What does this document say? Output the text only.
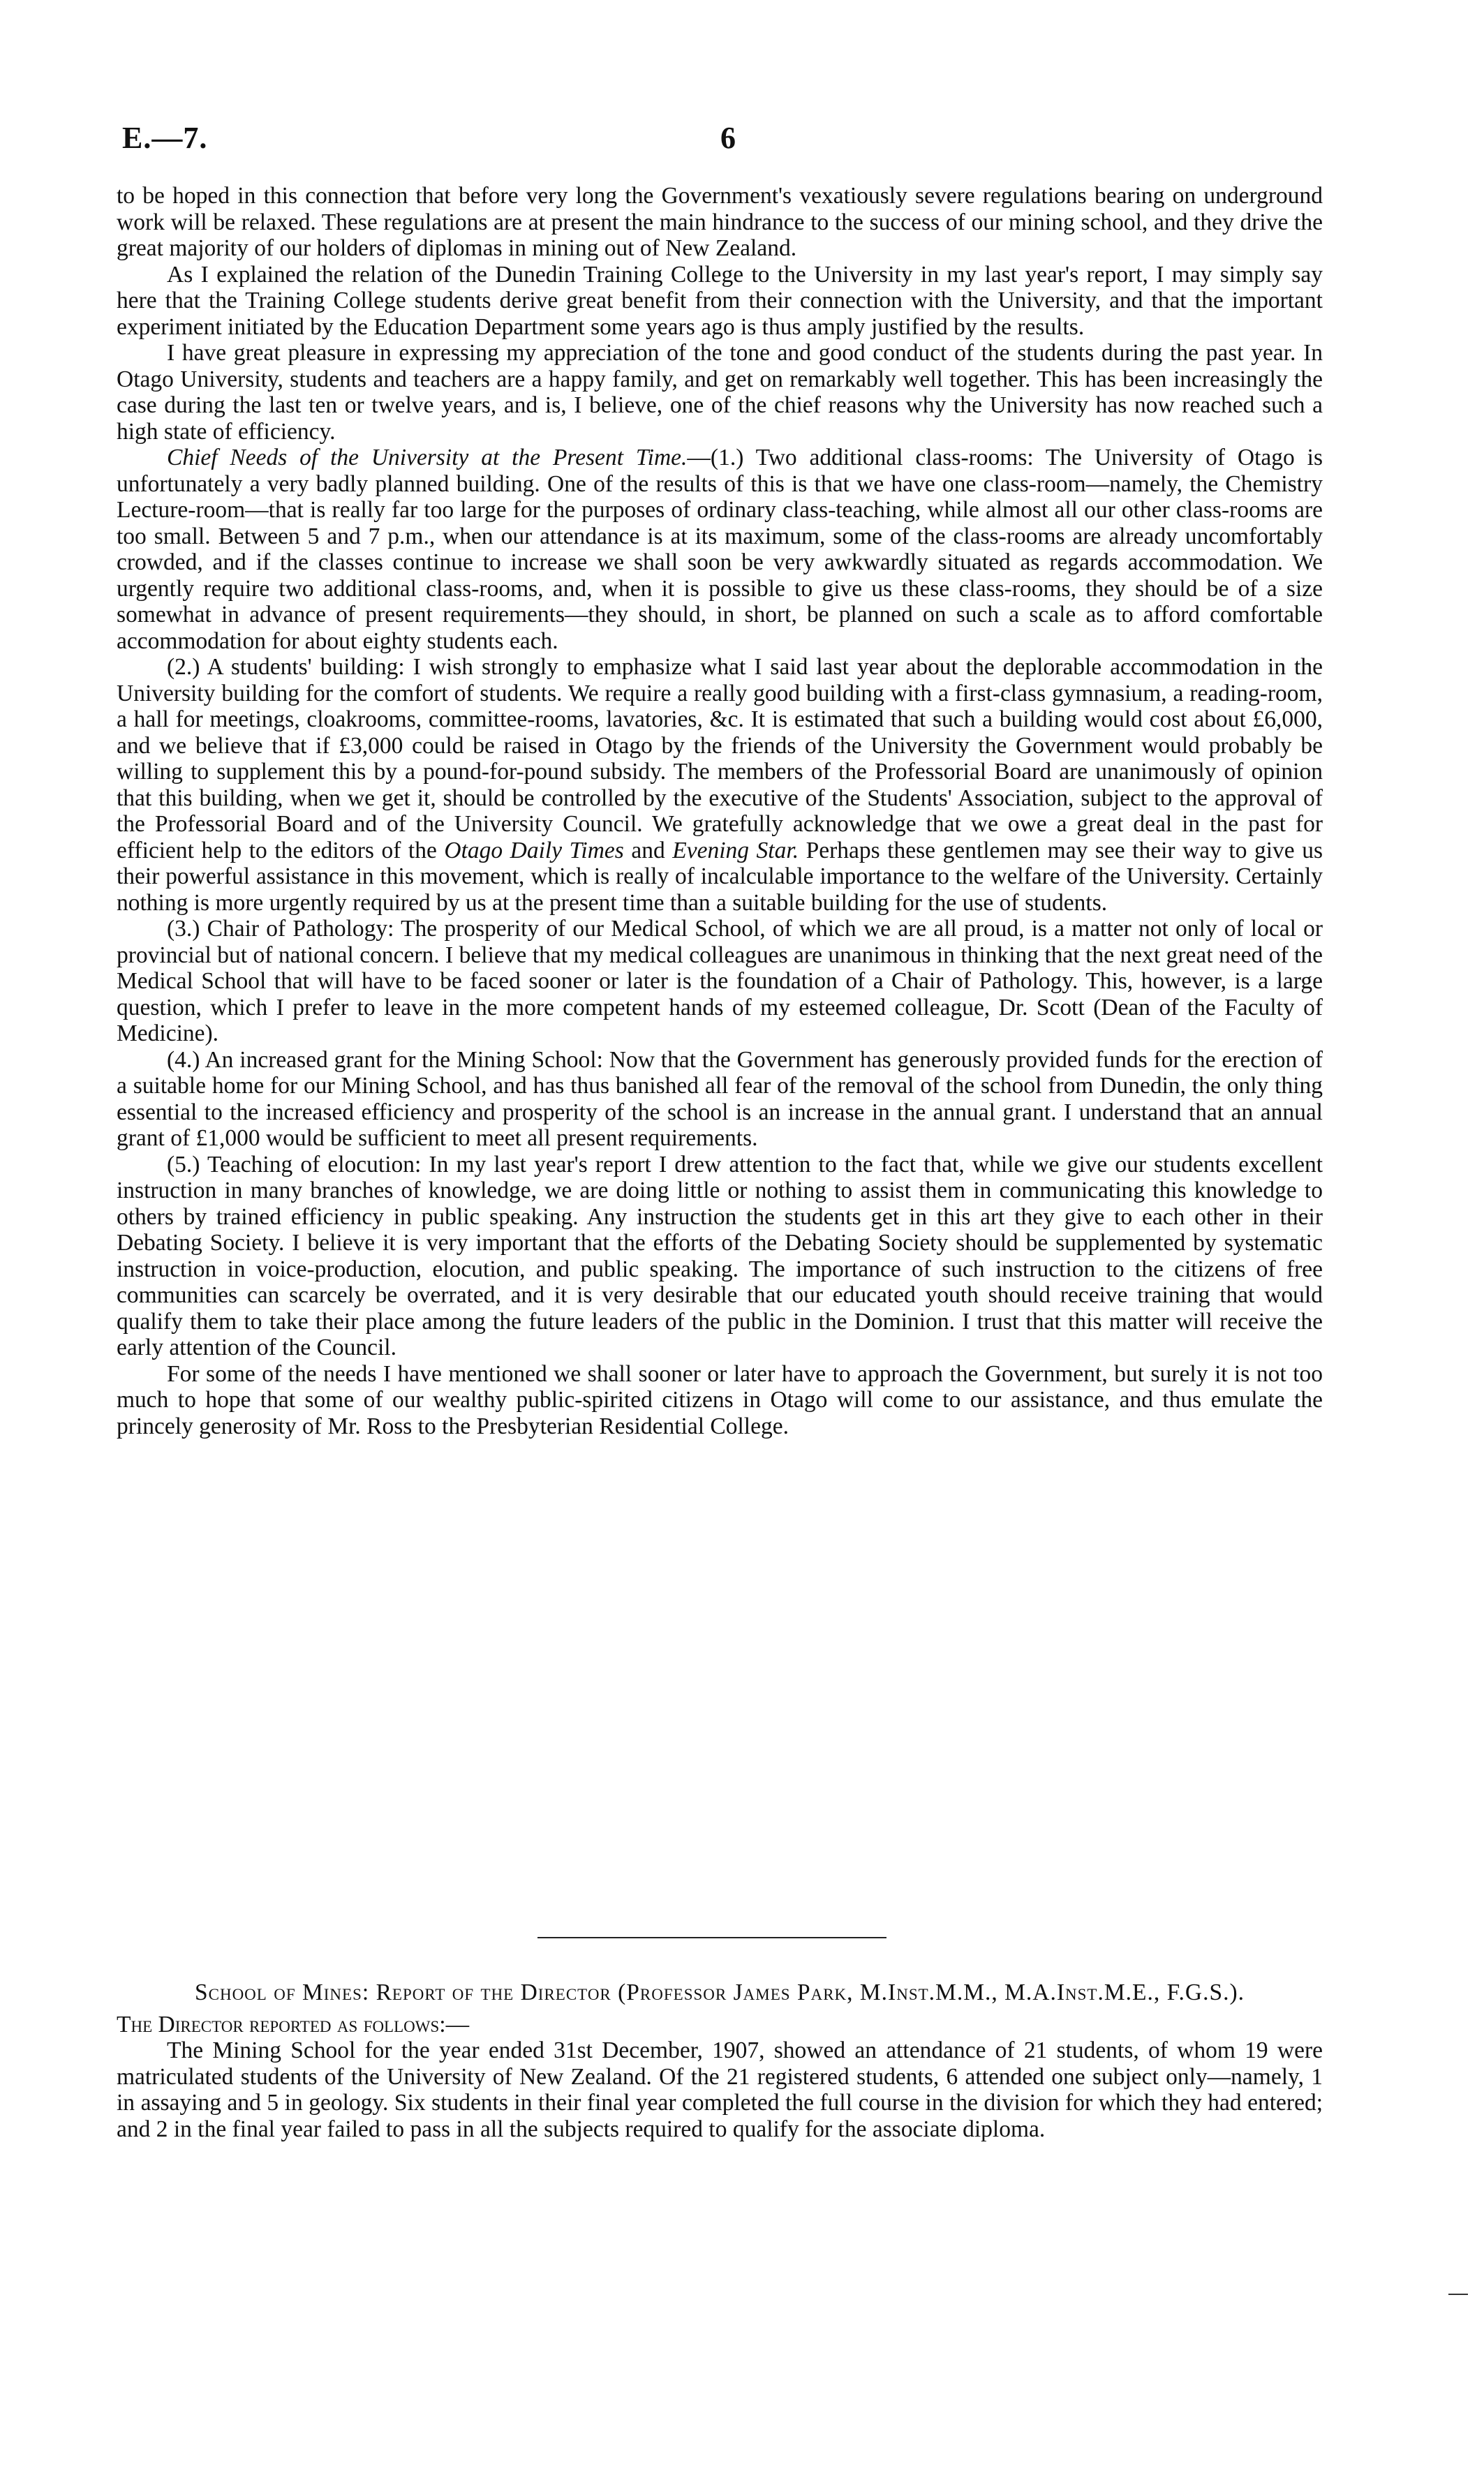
E.—7.	6

to be hoped in this connection that before very long the Government's vexatiously severe regulations bearing on underground work will be relaxed. These regulations are at present the main hindrance to the success of our mining school, and they drive the great majority of our holders of diplomas in mining out of New Zealand.

As I explained the relation of the Dunedin Training College to the University in my last year's report, I may simply say here that the Training College students derive great benefit from their connection with the University, and that the important experiment initiated by the Education Department some years ago is thus amply justified by the results.

I have great pleasure in expressing my appreciation of the tone and good conduct of the students during the past year. In Otago University, students and teachers are a happy family, and get on remarkably well together. This has been increasingly the case during the last ten or twelve years, and is, I believe, one of the chief reasons why the University has now reached such a high state of efficiency.

Chief Needs of the University at the Present Time.—(1.) Two additional class-rooms: The University of Otago is unfortunately a very badly planned building. One of the results of this is that we have one class-room—namely, the Chemistry Lecture-room—that is really far too large for the purposes of ordinary class-teaching, while almost all our other class-rooms are too small. Between 5 and 7 p.m., when our attendance is at its maximum, some of the class-rooms are already uncomfortably crowded, and if the classes continue to increase we shall soon be very awkwardly situated as regards accommodation. We urgently require two additional class-rooms, and, when it is possible to give us these class-rooms, they should be of a size somewhat in advance of present requirements—they should, in short, be planned on such a scale as to afford comfortable accommodation for about eighty students each.

(2.) A students' building: I wish strongly to emphasize what I said last year about the deplorable accommodation in the University building for the comfort of students. We require a really good building with a first-class gymnasium, a reading-room, a hall for meetings, cloakrooms, committee-rooms, lavatories, &c. It is estimated that such a building would cost about £6,000, and we believe that if £3,000 could be raised in Otago by the friends of the University the Government would probably be willing to supplement this by a pound-for-pound subsidy. The members of the Professorial Board are unanimously of opinion that this building, when we get it, should be controlled by the executive of the Students' Association, subject to the approval of the Professorial Board and of the University Council. We gratefully acknowledge that we owe a great deal in the past for efficient help to the editors of the Otago Daily Times and Evening Star. Perhaps these gentlemen may see their way to give us their powerful assistance in this movement, which is really of incalculable importance to the welfare of the University. Certainly nothing is more urgently required by us at the present time than a suitable building for the use of students.

(3.) Chair of Pathology: The prosperity of our Medical School, of which we are all proud, is a matter not only of local or provincial but of national concern. I believe that my medical colleagues are unanimous in thinking that the next great need of the Medical School that will have to be faced sooner or later is the foundation of a Chair of Pathology. This, however, is a large question, which I prefer to leave in the more competent hands of my esteemed colleague, Dr. Scott (Dean of the Faculty of Medicine).

(4.) An increased grant for the Mining School: Now that the Government has generously provided funds for the erection of a suitable home for our Mining School, and has thus banished all fear of the removal of the school from Dunedin, the only thing essential to the increased efficiency and prosperity of the school is an increase in the annual grant. I understand that an annual grant of £1,000 would be sufficient to meet all present requirements.

(5.) Teaching of elocution: In my last year's report I drew attention to the fact that, while we give our students excellent instruction in many branches of knowledge, we are doing little or nothing to assist them in communicating this knowledge to others by trained efficiency in public speaking. Any instruction the students get in this art they give to each other in their Debating Society. I believe it is very important that the efforts of the Debating Society should be supplemented by systematic instruction in voice-production, elocution, and public speaking. The importance of such instruction to the citizens of free communities can scarcely be overrated, and it is very desirable that our educated youth should receive training that would qualify them to take their place among the future leaders of the public in the Dominion. I trust that this matter will receive the early attention of the Council.

For some of the needs I have mentioned we shall sooner or later have to approach the Government, but surely it is not too much to hope that some of our wealthy public-spirited citizens in Otago will come to our assistance, and thus emulate the princely generosity of Mr. Ross to the Presbyterian Residential College.

School of Mines: Report of the Director (Professor James Park, M.Inst.M.M., M.A.Inst.M.E., F.G.S.).

The Director reported as follows:—

The Mining School for the year ended 31st December, 1907, showed an attendance of 21 students, of whom 19 were matriculated students of the University of New Zealand. Of the 21 registered students, 6 attended one subject only—namely, 1 in assaying and 5 in geology. Six students in their final year completed the full course in the division for which they had entered; and 2 in the final year failed to pass in all the subjects required to qualify for the associate diploma.
